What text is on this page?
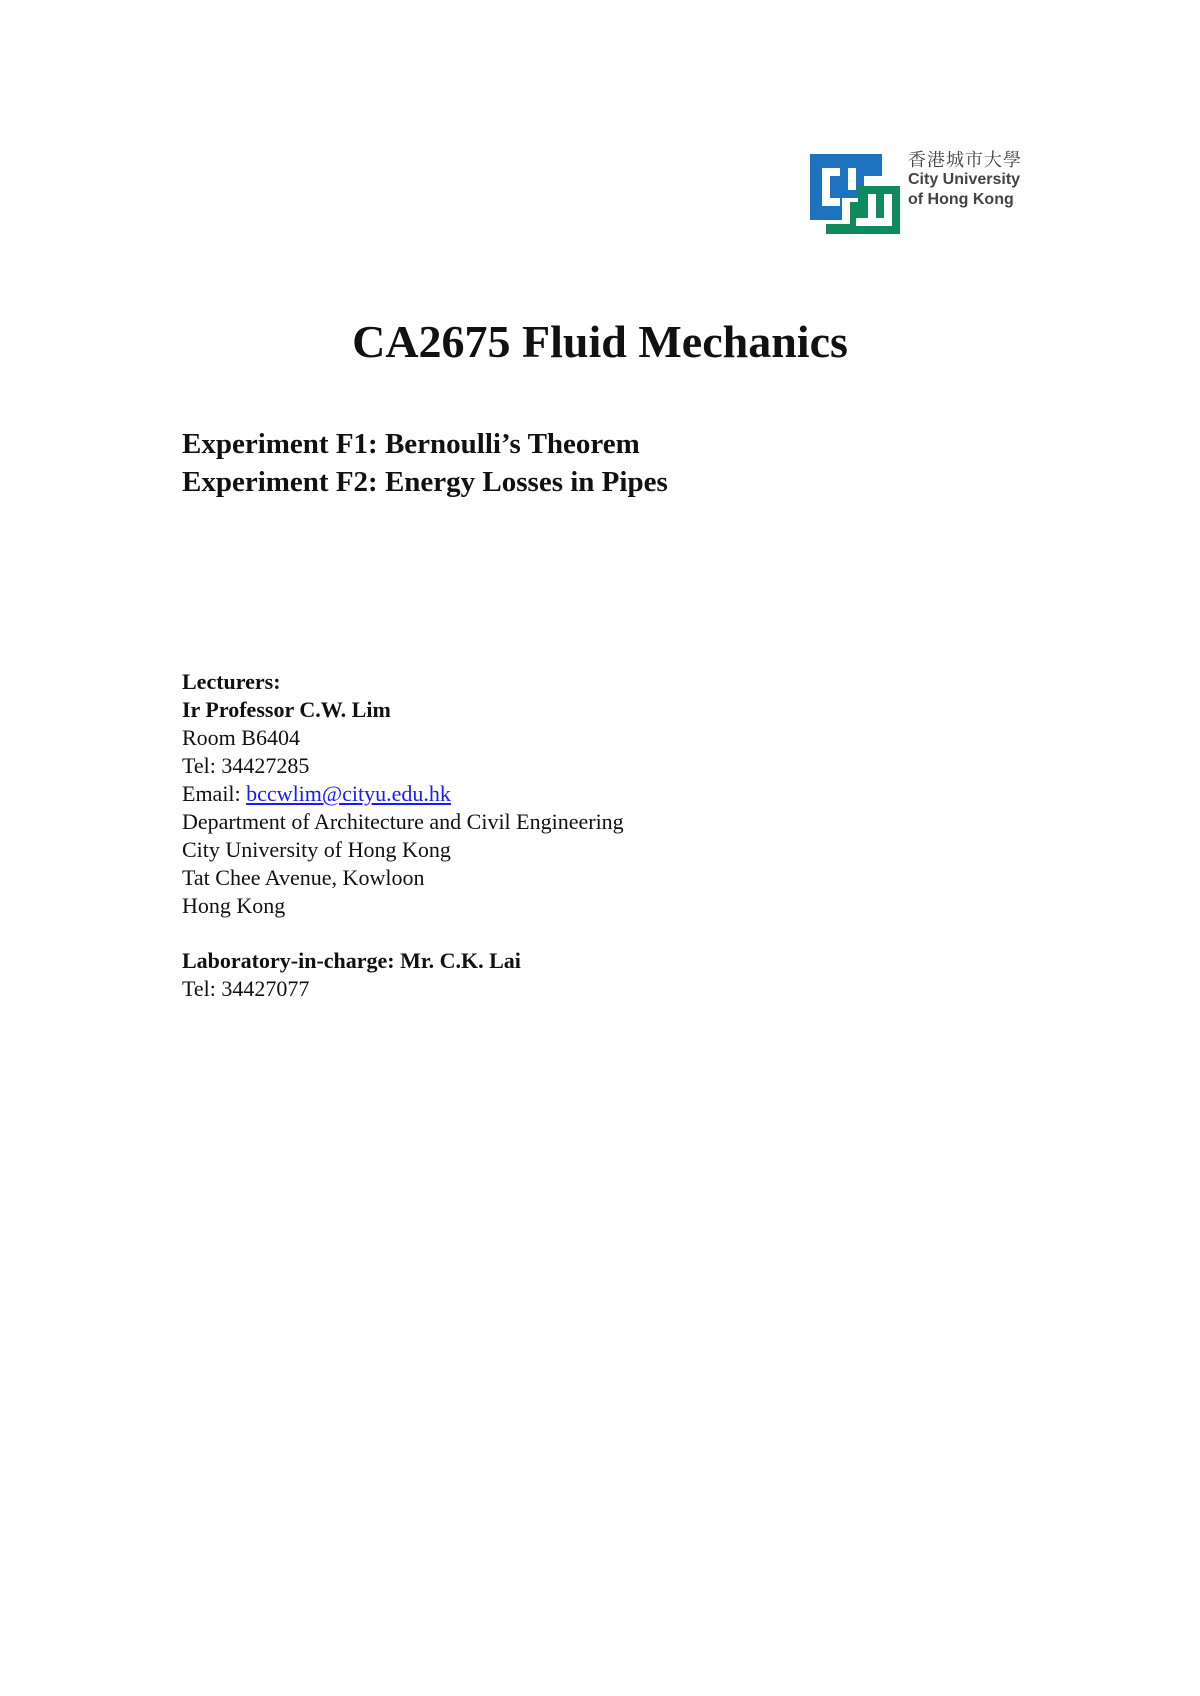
香港城市大學
City University
of Hong Kong
CA2675 Fluid Mechanics
Experiment F1: Bernoulli’s Theorem
Experiment F2: Energy Losses in Pipes
Lecturers:
Ir Professor C.W. Lim
Room B6404
Tel: 34427285
Email: bccwlim@cityu.edu.hk
Department of Architecture and Civil Engineering
City University of Hong Kong
Tat Chee Avenue, Kowloon
Hong Kong
Laboratory-in-charge: Mr. C.K. Lai
Tel: 34427077
